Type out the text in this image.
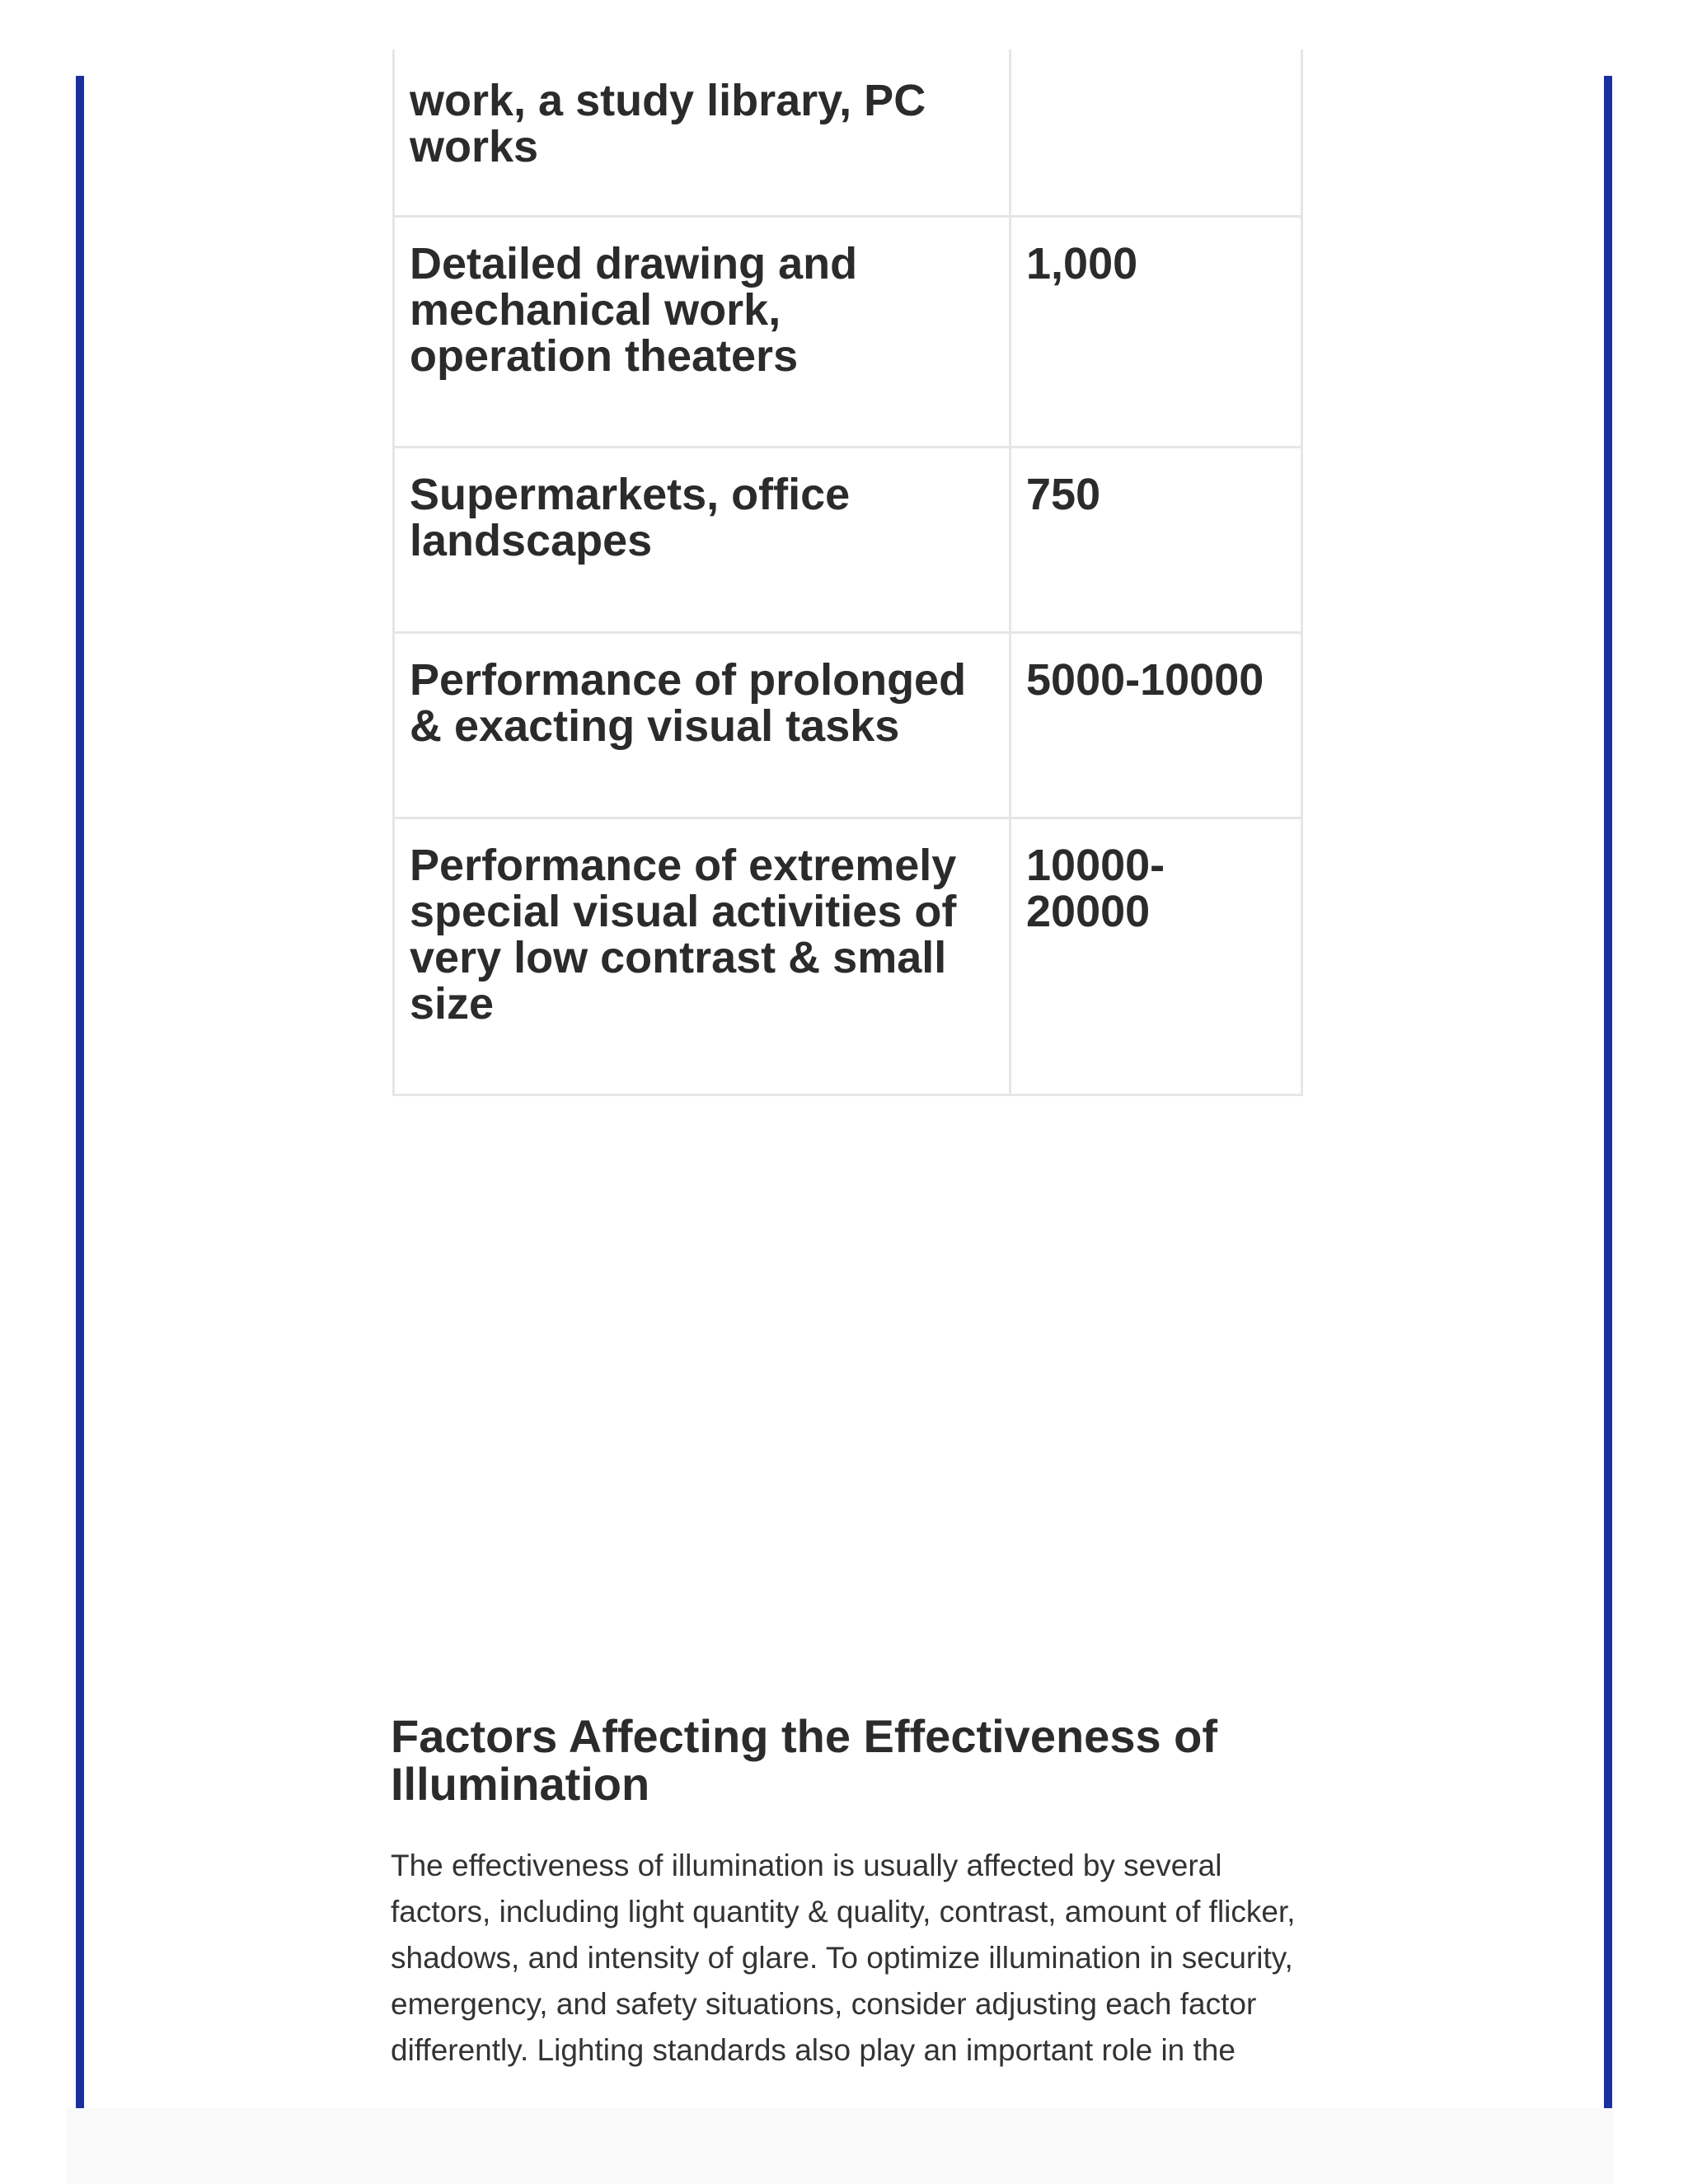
work, a study library, PC works	
Detailed drawing and mechanical work, operation theaters	1,000
Supermarkets, office landscapes	750
Performance of prolonged & exacting visual tasks	5000-10000
Performance of extremely special visual activities of very low contrast & small size	10000-20000
Factors Affecting the Effectiveness of Illumination

The effectiveness of illumination is usually affected by several factors, including light quantity & quality, contrast, amount of flicker, shadows, and intensity of glare. To optimize illumination in security, emergency, and safety situations, consider adjusting each factor differently. Lighting standards also play an important role in the
